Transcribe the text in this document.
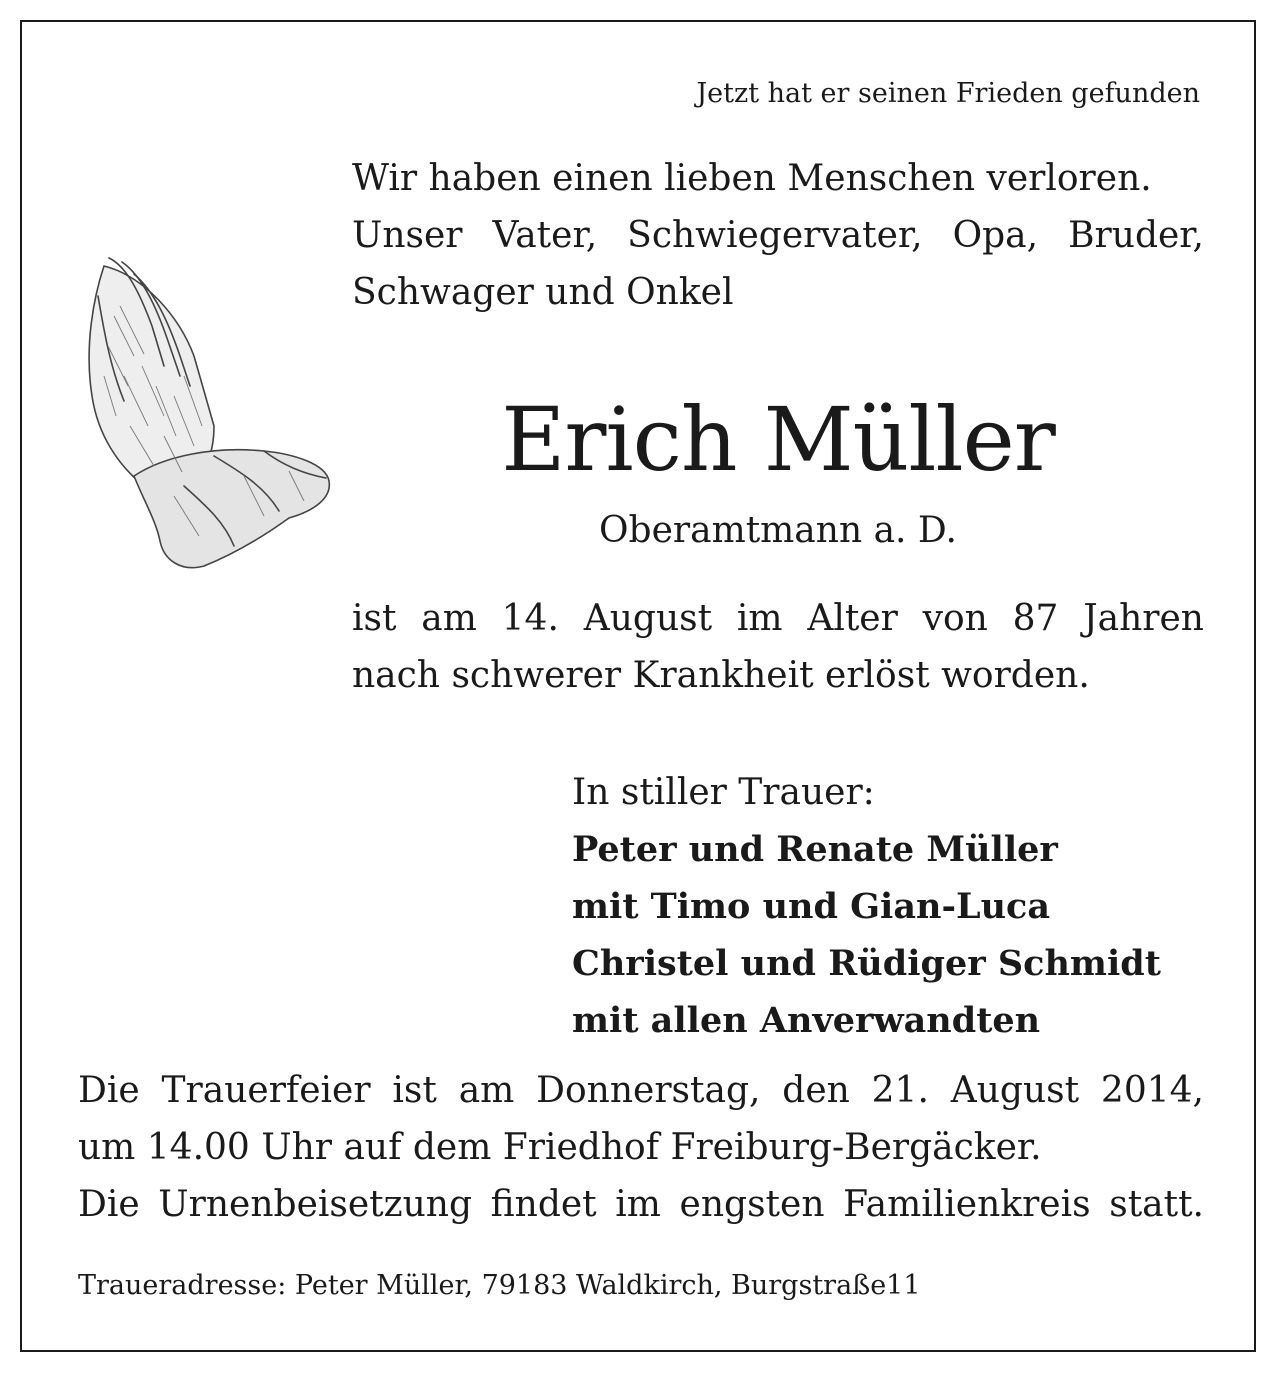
Jetzt hat er seinen Frieden gefunden
Wir haben einen lieben Menschen verloren.
Unser Vater, Schwiegervater, Opa, Bruder,
Schwager und Onkel
Erich Müller
Oberamtmann a. D.
ist am 14. August im Alter von 87 Jahren
nach schwerer Krankheit erlöst worden.
In stiller Trauer:
Peter und Renate Müller
mit Timo und Gian-Luca
Christel und Rüdiger Schmidt
mit allen Anverwandten
Die Trauerfeier ist am Donnerstag, den 21. August 2014,
um 14.00 Uhr auf dem Friedhof Freiburg-Bergäcker.
Die Urnenbeisetzung findet im engsten Familienkreis statt.
Traueradresse: Peter Müller, 79183 Waldkirch, Burgstraße11
